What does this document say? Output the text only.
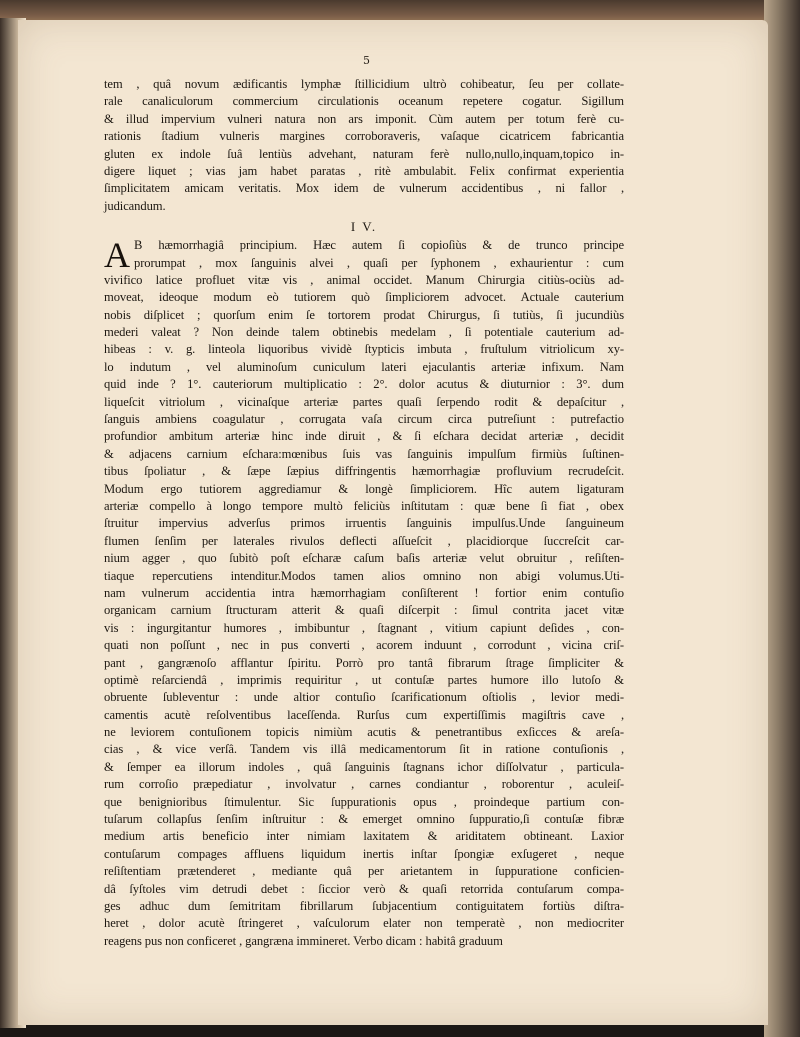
5
tem , quâ novum ædificantis lymphæ ſtillicidium ultrò cohibeatur, ſeu per collate-
rale canaliculorum commercium circulationis oceanum repetere cogatur. Sigillum
& illud impervium vulneri natura non ars imponit. Cùm autem per totum ferè cu-
rationis ſtadium vulneris margines corroboraveris, vaſaque cicatricem fabricantia
gluten ex indole ſuâ lentiùs advehant, naturam ferè nullo,nullo,inquam,topico in-
digere liquet ; vias jam habet paratas , ritè ambulabit. Felix confirmat experientia
ſimplicitatem amicam veritatis. Mox idem de vulnerum accidentibus , ni fallor ,
judicandum.
I V.
A B hæmorrhagiâ principium. Hæc autem ſi copioſiùs & de trunco principe
prorumpat , mox ſanguinis alvei , quaſi per ſyphonem , exhaurientur : cum
vivifico latice profluet vitæ vis , animal occidet. Manum Chirurgia citiùs-ociùs ad-
moveat, ideoque modum eò tutiorem quò ſimpliciorem advocet. Actuale cauterium
nobis diſplicet ; quorſum enim ſe tortorem prodat Chirurgus, ſi tutiùs, ſi jucundiùs
mederi valeat ? Non deinde talem obtinebis medelam , ſi potentiale cauterium ad-
hibeas : v. g. linteola liquoribus vividè ſtypticis imbuta , fruſtulum vitriolicum xy-
lo indutum , vel aluminoſum cuniculum lateri ejaculantis arteriæ infixum. Nam
quid inde ? 1°. cauteriorum multiplicatio : 2°. dolor acutus & diuturnior : 3°. dum
liqueſcit vitriolum , vicinaſque arteriæ partes quaſi ſerpendo rodit & depaſcitur ,
ſanguis ambiens coagulatur , corrugata vaſa circum circa putreſiunt : putrefactio
profundior ambitum arteriæ hinc inde diruit , & ſi eſchara decidat arteriæ , decidit
& adjacens carnium eſchara:mœnibus ſuis vas ſanguinis impulſum firmiùs ſuſtinen-
tibus ſpoliatur , & ſæpe ſæpius diffringentis hæmorrhagiæ profluvium recrudeſcit.
Modum ergo tutiorem aggrediamur & longè ſimpliciorem. Hîc autem ligaturam
arteriæ compello à longo tempore multò feliciùs inſtitutam : quæ bene ſi fiat , obex
ſtruitur impervius adverſus primos irruentis ſanguinis impulſus.Unde ſanguineum
flumen ſenſim per laterales rivulos deflecti aſſueſcit , placidiorque ſuccreſcit car-
nium agger , quo ſubitò poſt eſcharæ caſum baſis arteriæ velut obruitur , reſiſten-
tiaque repercutiens intenditur.Modos tamen alios omnino non abigi volumus.Uti-
nam vulnerum accidentia intra hæmorrhagiam conſiſterent ! fortior enim contuſio
organicam carnium ſtructuram atterit & quaſi diſcerpit : ſimul contrita jacet vitæ
vis : ingurgitantur humores , imbibuntur , ſtagnant , vitium capiunt deſides , con-
quati non poſſunt , nec in pus converti , acorem induunt , corrodunt , vicina criſ-
pant , gangrænoſo afflantur ſpiritu. Porrò pro tantâ fibrarum ſtrage ſimpliciter &
optimè reſarciendâ , imprimis requiritur , ut contuſæ partes humore illo lutoſo &
obruente ſubleventur : unde altior contuſio ſcarificationum oſtiolis , levior medi-
camentis acutè reſolventibus laceſſenda. Rurſus cum expertiſſimis magiſtris cave ,
ne leviorem contuſionem topicis nimiùm acutis & penetrantibus exſicces & areſa-
cias , & vice verſâ. Tandem vis illâ medicamentorum ſit in ratione contuſionis ,
& ſemper ea illorum indoles , quâ ſanguinis ſtagnans ichor diſſolvatur , particula-
rum corroſio præpediatur , involvatur , carnes condiantur , roborentur , aculeiſ-
que benignioribus ſtimulentur. Sic ſuppurationis opus , proindeque partium con-
tuſarum collapſus ſenſim inſtruitur : & emerget omnino ſuppuratio,ſi contuſæ fibræ
medium artis beneficio inter nimiam laxitatem & ariditatem obtineant. Laxior
contuſarum compages affluens liquidum inertis inſtar ſpongiæ exſugeret , neque
reſiſtentiam prætenderet , mediante quâ per arietantem in ſuppuratione conficien-
dâ ſyſtoles vim detrudi debet : ſiccior verò & quaſi retorrida contuſarum compa-
ges adhuc dum ſemitritam fibrillarum ſubjacentium contiguitatem fortiùs diſtra-
heret , dolor acutè ſtringeret , vaſculorum elater non temperatè , non mediocriter
reagens pus non conficeret , gangræna immineret. Verbo dicam : habitâ graduum
